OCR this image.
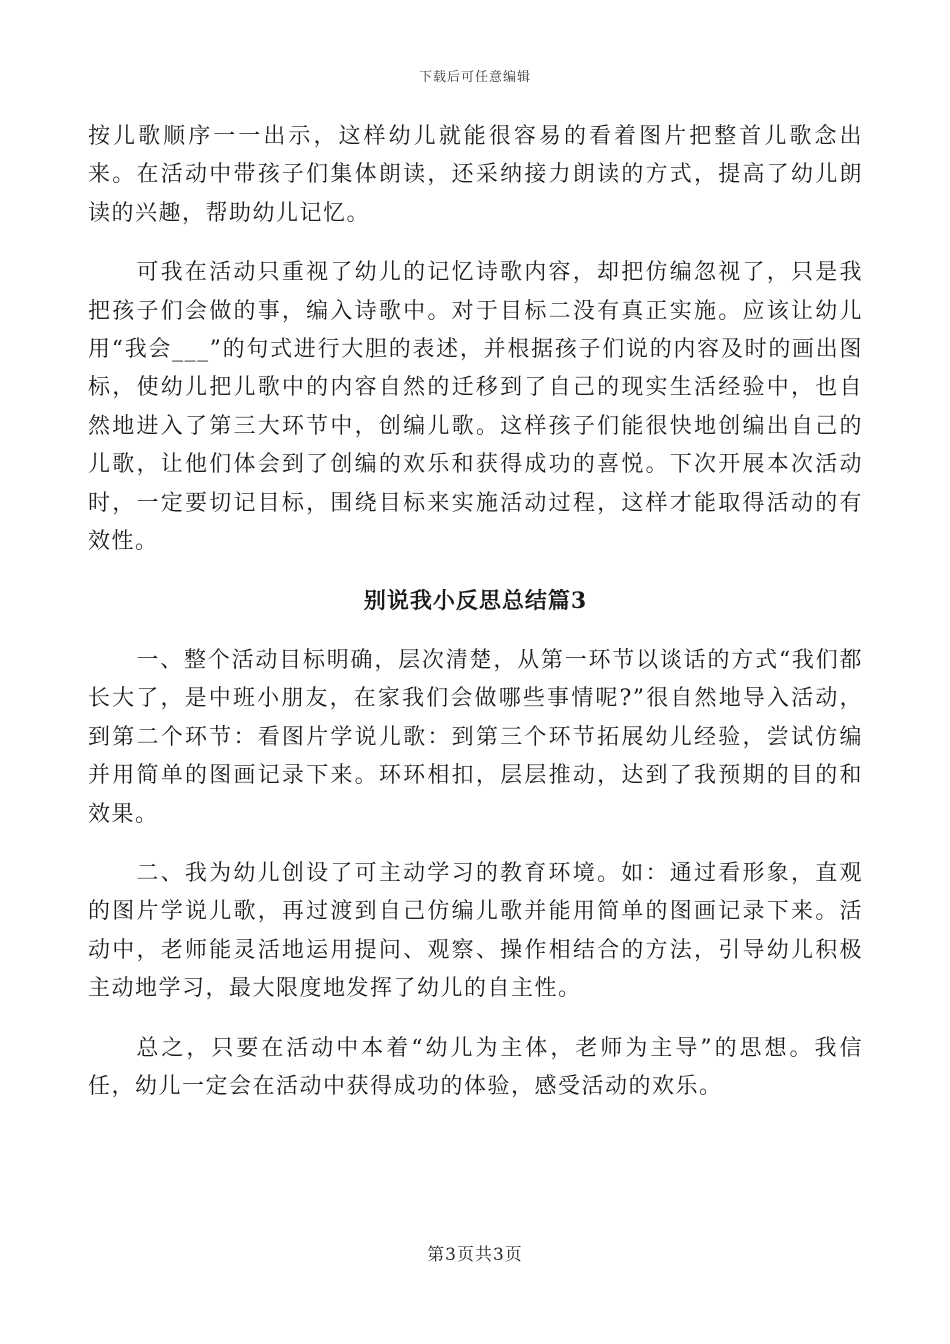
下载后可任意编辑

按儿歌顺序一一出示，这样幼儿就能很容易的看着图片把整首儿歌念出来。在活动中带孩子们集体朗读，还采纳接力朗读的方式，提高了幼儿朗读的兴趣，帮助幼儿记忆。

可我在活动只重视了幼儿的记忆诗歌内容，却把仿编忽视了，只是我把孩子们会做的事，编入诗歌中。对于目标二没有真正实施。应该让幼儿用“我会___”的句式进行大胆的表述，并根据孩子们说的内容及时的画出图标，使幼儿把儿歌中的内容自然的迁移到了自己的现实生活经验中，也自然地进入了第三大环节中，创编儿歌。这样孩子们能很快地创编出自己的儿歌，让他们体会到了创编的欢乐和获得成功的喜悦。下次开展本次活动时，一定要切记目标，围绕目标来实施活动过程，这样才能取得活动的有效性。

别说我小反思总结篇3

一、整个活动目标明确，层次清楚，从第一环节以谈话的方式“我们都长大了，是中班小朋友，在家我们会做哪些事情呢?”很自然地导入活动，到第二个环节：看图片学说儿歌：到第三个环节拓展幼儿经验，尝试仿编并用简单的图画记录下来。环环相扣，层层推动，达到了我预期的目的和效果。

二、我为幼儿创设了可主动学习的教育环境。如：通过看形象，直观的图片学说儿歌，再过渡到自己仿编儿歌并能用简单的图画记录下来。活动中，老师能灵活地运用提问、观察、操作相结合的方法，引导幼儿积极主动地学习，最大限度地发挥了幼儿的自主性。

总之，只要在活动中本着“幼儿为主体，老师为主导”的思想。我信任，幼儿一定会在活动中获得成功的体验，感受活动的欢乐。

第3页共3页
